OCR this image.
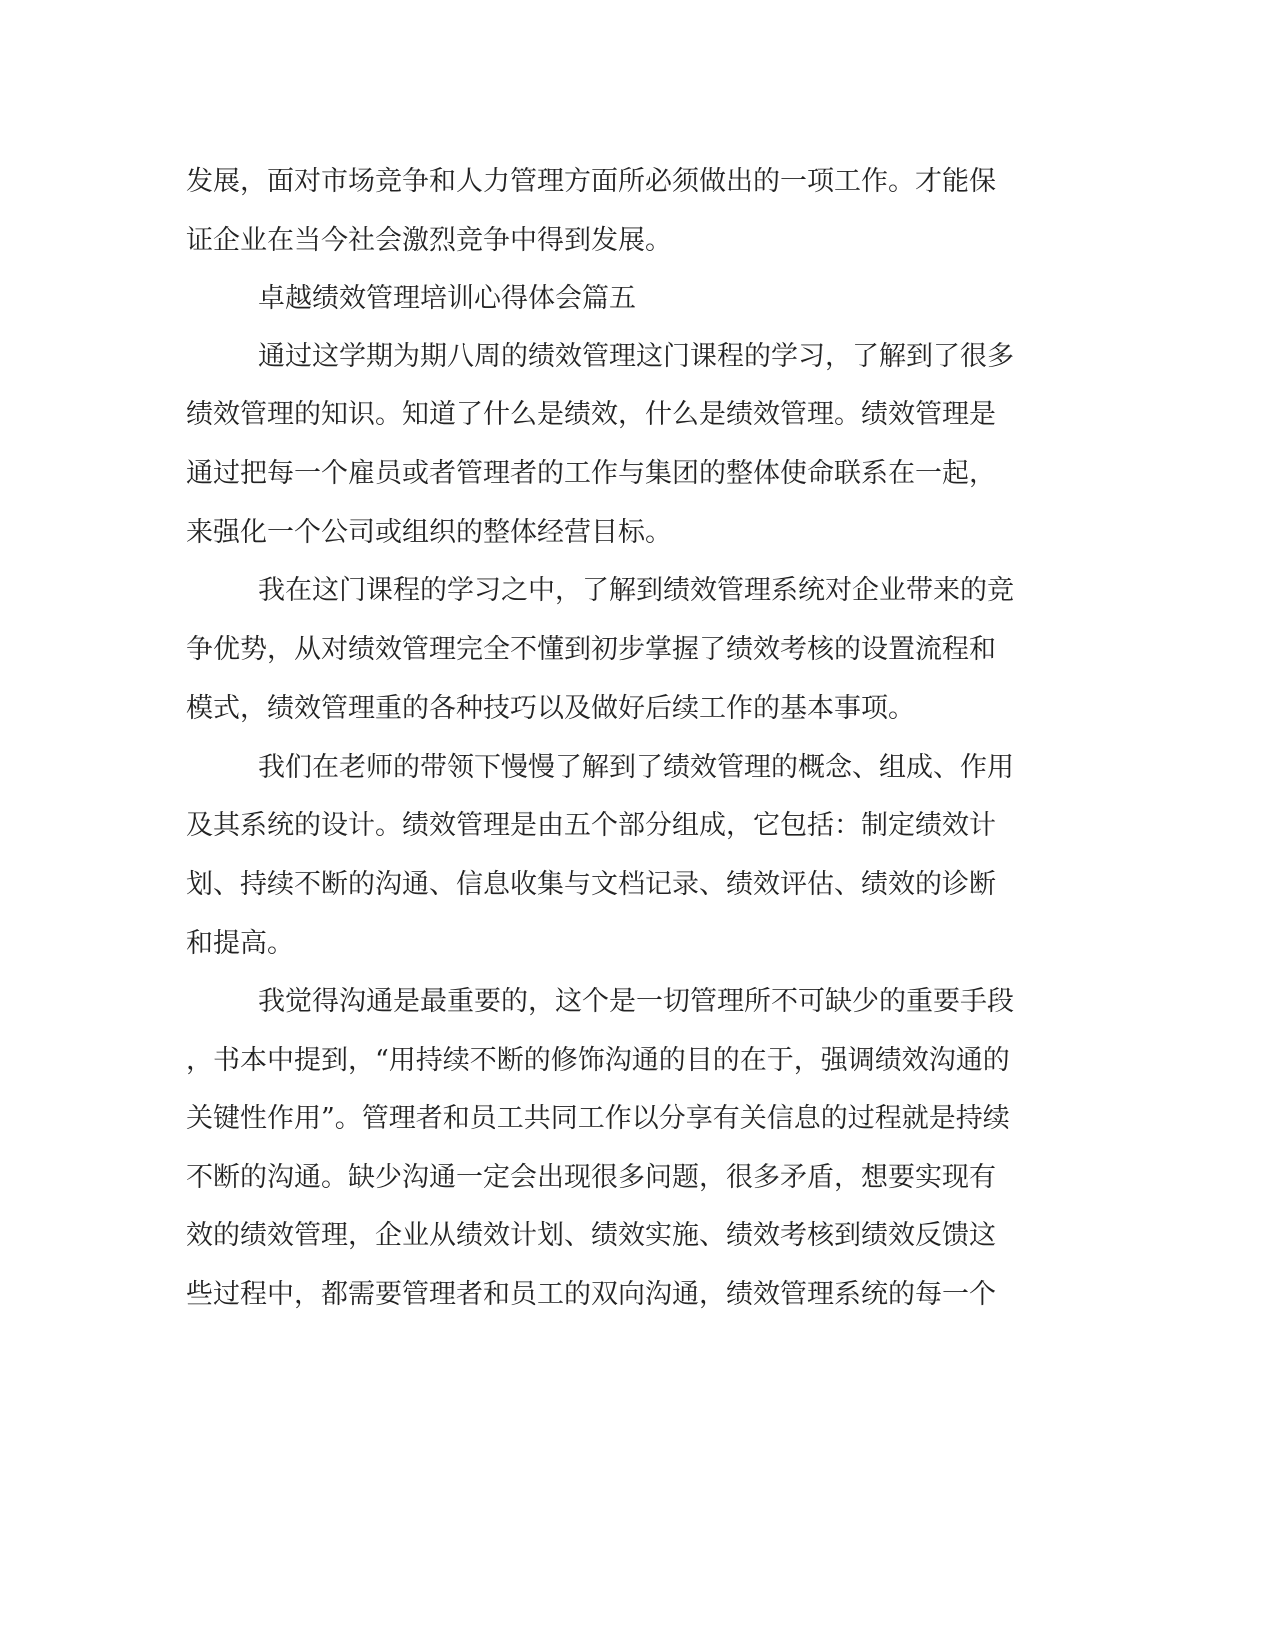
发展，面对市场竞争和人力管理方面所必须做出的一项工作。才能保

证企业在当今社会激烈竞争中得到发展。

卓越绩效管理培训心得体会篇五

通过这学期为期八周的绩效管理这门课程的学习，了解到了很多

绩效管理的知识。知道了什么是绩效，什么是绩效管理。绩效管理是

通过把每一个雇员或者管理者的工作与集团的整体使命联系在一起，

来强化一个公司或组织的整体经营目标。

我在这门课程的学习之中，了解到绩效管理系统对企业带来的竞

争优势，从对绩效管理完全不懂到初步掌握了绩效考核的设置流程和

模式，绩效管理重的各种技巧以及做好后续工作的基本事项。

我们在老师的带领下慢慢了解到了绩效管理的概念、组成、作用

及其系统的设计。绩效管理是由五个部分组成，它包括：制定绩效计

划、持续不断的沟通、信息收集与文档记录、绩效评估、绩效的诊断

和提高。

我觉得沟通是最重要的，这个是一切管理所不可缺少的重要手段

，书本中提到，“用持续不断的修饰沟通的目的在于，强调绩效沟通的

关键性作用”。管理者和员工共同工作以分享有关信息的过程就是持续

不断的沟通。缺少沟通一定会出现很多问题，很多矛盾，想要实现有

效的绩效管理，企业从绩效计划、绩效实施、绩效考核到绩效反馈这

些过程中，都需要管理者和员工的双向沟通，绩效管理系统的每一个
